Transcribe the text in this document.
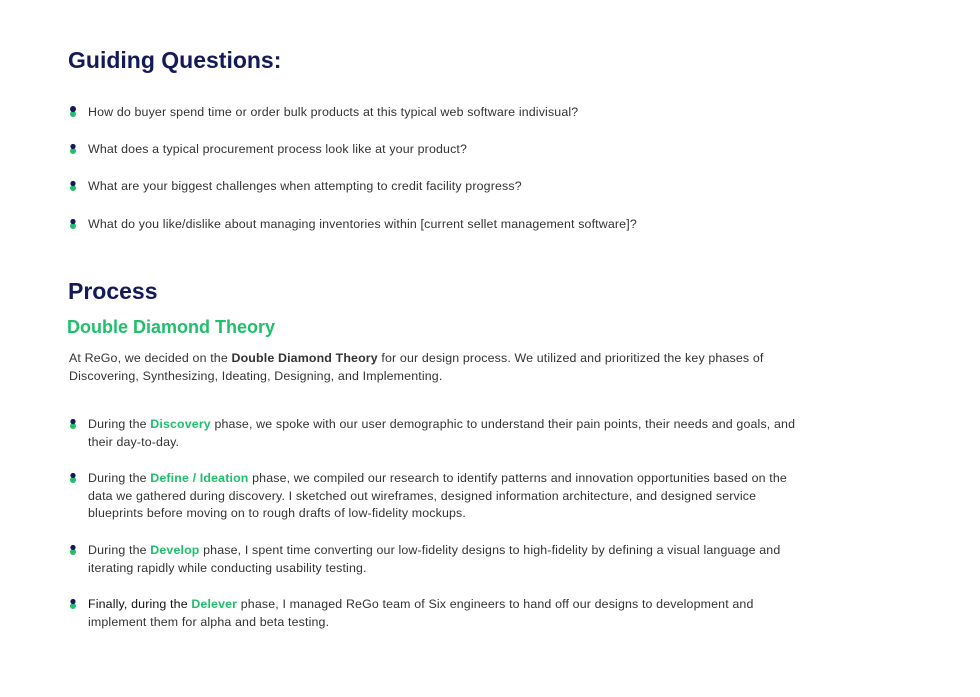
Guiding Questions:
How do buyer spend time or order bulk products at this typical web software indivisual?
What does a typical procurement process look like at your product?
What are your biggest challenges when attempting to credit facility progress?
What do you like/dislike about managing inventories within [current sellet management software]?
Process
Double Diamond Theory

At ReGo, we decided on the Double Diamond Theory for our design process. We utilized and prioritized the key phases of Discovering, Synthesizing, Ideating, Designing, and Implementing.

During the Discovery phase, we spoke with our user demographic to understand their pain points, their needs and goals, and their day-to-day.
During the Define / Ideation phase, we compiled our research to identify patterns and innovation opportunities based on the data we gathered during discovery. I sketched out wireframes, designed information architecture, and designed service blueprints before moving on to rough drafts of low-fidelity mockups.
During the Develop phase, I spent time converting our low-fidelity designs to high-fidelity by defining a visual language and iterating rapidly while conducting usability testing.
Finally, during the Delever phase, I managed ReGo team of Six engineers to hand off our designs to development and implement them for alpha and beta testing.
